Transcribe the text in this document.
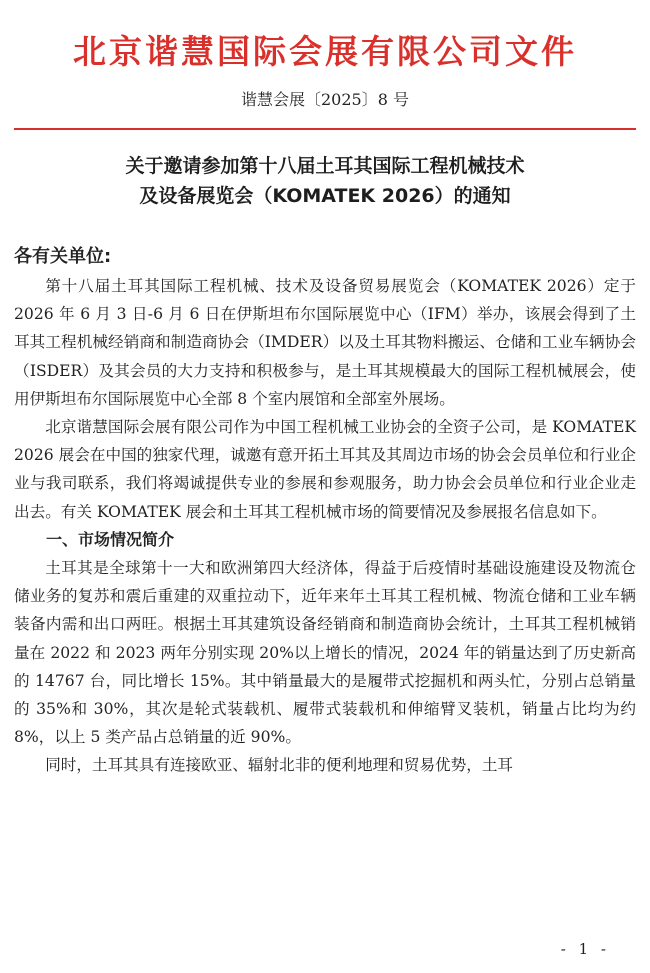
北京谐慧国际会展有限公司文件
谐慧会展〔2025〕8 号
关于邀请参加第十八届土耳其国际工程机械技术
及设备展览会（KOMATEK 2026）的通知
各有关单位:

第十八届土耳其国际工程机械、技术及设备贸易展览会（KOMATEK 2026）定于 2026 年 6 月 3 日-6 月 6 日在伊斯坦布尔国际展览中心（IFM）举办，该展会得到了土耳其工程机械经销商和制造商协会（IMDER）以及土耳其物料搬运、仓储和工业车辆协会（ISDER）及其会员的大力支持和积极参与，是土耳其规模最大的国际工程机械展会，使用伊斯坦布尔国际展览中心全部 8 个室内展馆和全部室外展场。

北京谐慧国际会展有限公司作为中国工程机械工业协会的全资子公司，是 KOMATEK 2026 展会在中国的独家代理，诚邀有意开拓土耳其及其周边市场的协会会员单位和行业企业与我司联系，我们将竭诚提供专业的参展和参观服务，助力协会会员单位和行业企业走出去。有关 KOMATEK 展会和土耳其工程机械市场的简要情况及参展报名信息如下。

一、市场情况简介

土耳其是全球第十一大和欧洲第四大经济体，得益于后疫情时基础设施建设及物流仓储业务的复苏和震后重建的双重拉动下，近年来年土耳其工程机械、物流仓储和工业车辆装备内需和出口两旺。根据土耳其建筑设备经销商和制造商协会统计，土耳其工程机械销量在 2022 和 2023 两年分别实现 20%以上增长的情况，2024 年的销量达到了历史新高的 14767 台，同比增长 15%。其中销量最大的是履带式挖掘机和两头忙，分别占总销量的 35%和 30%，其次是轮式装载机、履带式装载机和伸缩臂叉装机，销量占比均为约 8%，以上 5 类产品占总销量的近 90%。

同时，土耳其具有连接欧亚、辐射北非的便利地理和贸易优势，土耳

- 1 -
